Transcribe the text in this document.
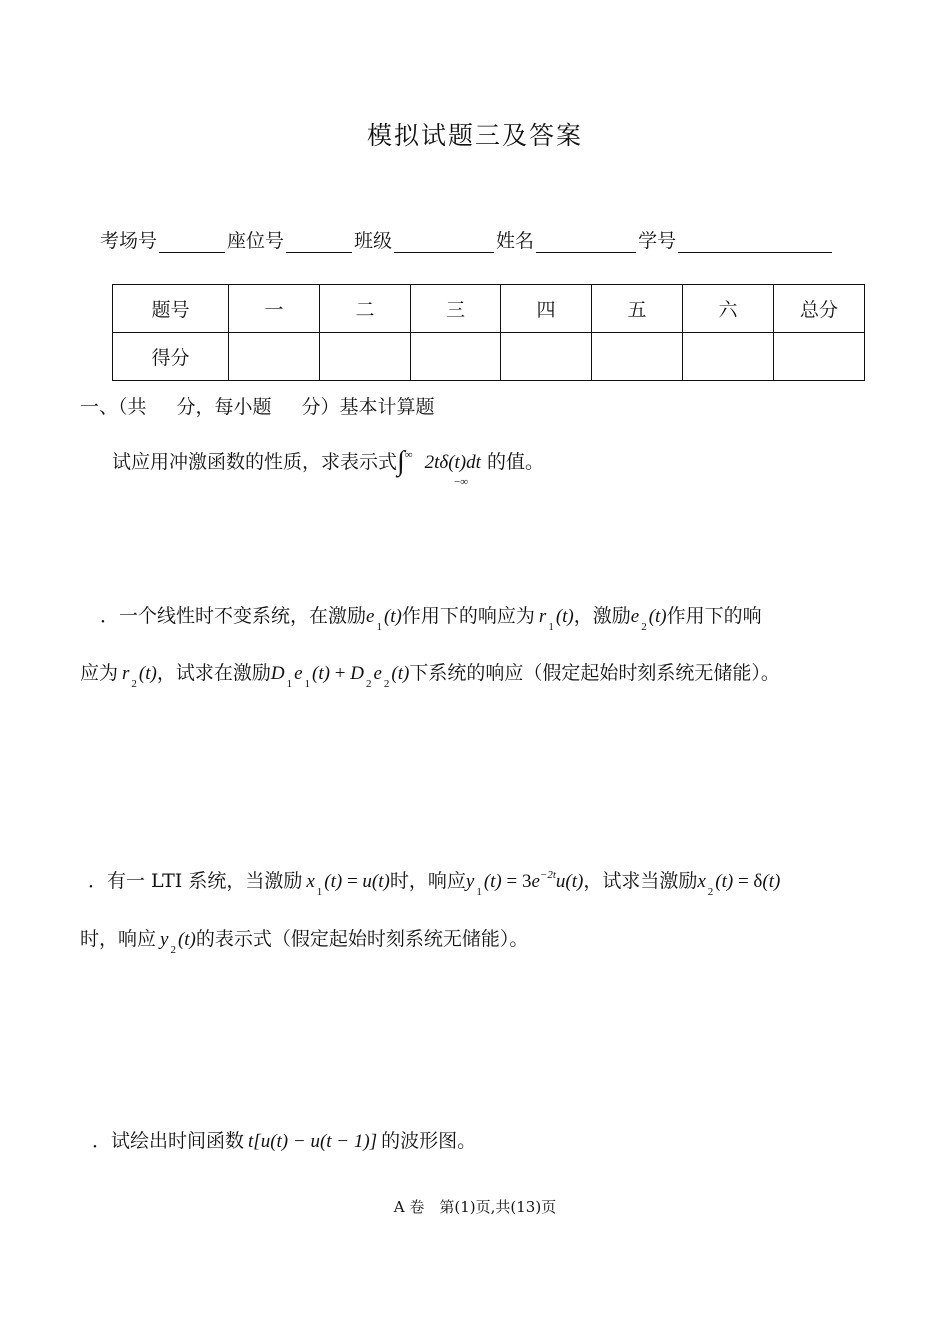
模拟试题三及答案
考场号	座位号	班级	姓名	学号
题号	一	二	三	四	五	六	总分
得分							
一、（共 分，每小题 分）基本计算题
试应用冲激函数的性质，求表示式∫∞ 2tδ(t)dt 的值。
−∞
．一个线性时不变系统，在激励e $_1$ (t)作用下的响应为 r $_1$ (t)，激励e $_2$ (t)作用下的响
应为 r $_2$ (t)，试求在激励D $_1$ e $_1$ (t) + D $_2$ e $_2$ (t)下系统的响应（假定起始时刻系统无储能）。
．有一 LTI 系统，当激励 x $_1$ (t) = u(t)时，响应y $_1$ $(t) = 3e^{-2t}u(t)$，试求当激励x $_2$ (t) = δ(t)
时，响应 y $_2$ (t)的表示式（假定起始时刻系统无储能）。
．试绘出时间函数 t[u(t) − u(t − 1)] 的波形图。
A 卷　第(1)页,共(13)页
